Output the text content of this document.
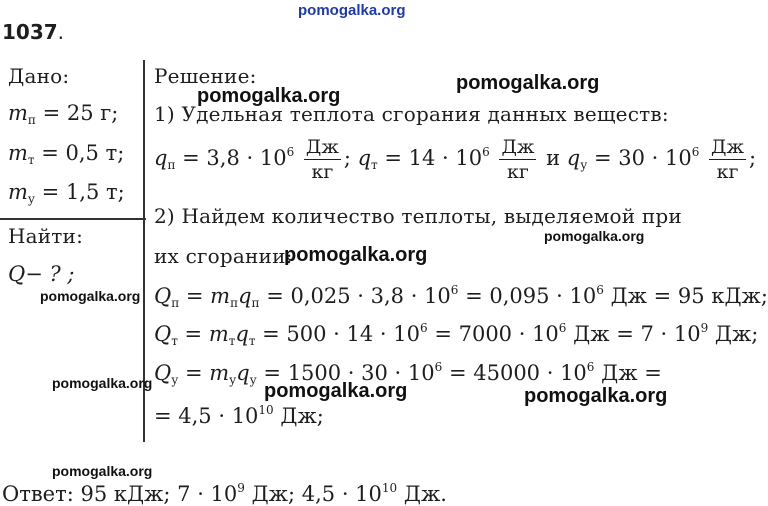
pomogalka.org
1037.
Дано:
$m_п = 25$ г;
$m_т = 0,5$ т;
$m_у = 1,5$ т;
Найти:
Q− ? ;
Решение:
1) Удельная теплота сгорания данных веществ:
$q_п = 3,8 \cdot 10^6 \frac{Дж}{кг}$ ; $q_т = 14 \cdot 10^6 \frac{Дж}{кг}$ и $q_у = 30 \cdot 10^6 \frac{Дж}{кг}$ ;
2) Найдем количество теплоты, выделяемой при
их сгорании:
$Q_п = m_пq_п = 0,025 \cdot 3,8 \cdot 10^6 = 0,095 \cdot 10^6$ Дж = 95 кДж;
$Q_т = m_тq_т = 500 \cdot 14 \cdot 10^6 = 7000 \cdot 10^6$ Дж = $7 \cdot 10^9$ Дж;
$Q_у = m_уq_у = 1500 \cdot 30 \cdot 10^6 = 45000 \cdot 10^6$ Дж =
= $4,5 \cdot 10^{10}$ Дж;
Ответ: 95 кДж; $7 \cdot 10^9$ Дж; $4,5 \cdot 10^{10}$ Дж.
pomogalka.org
pomogalka.org
pomogalka.org
pomogalka.org
pomogalka.org
pomogalka.org	pomogalka.org	pomogalka.org
pomogalka.org
